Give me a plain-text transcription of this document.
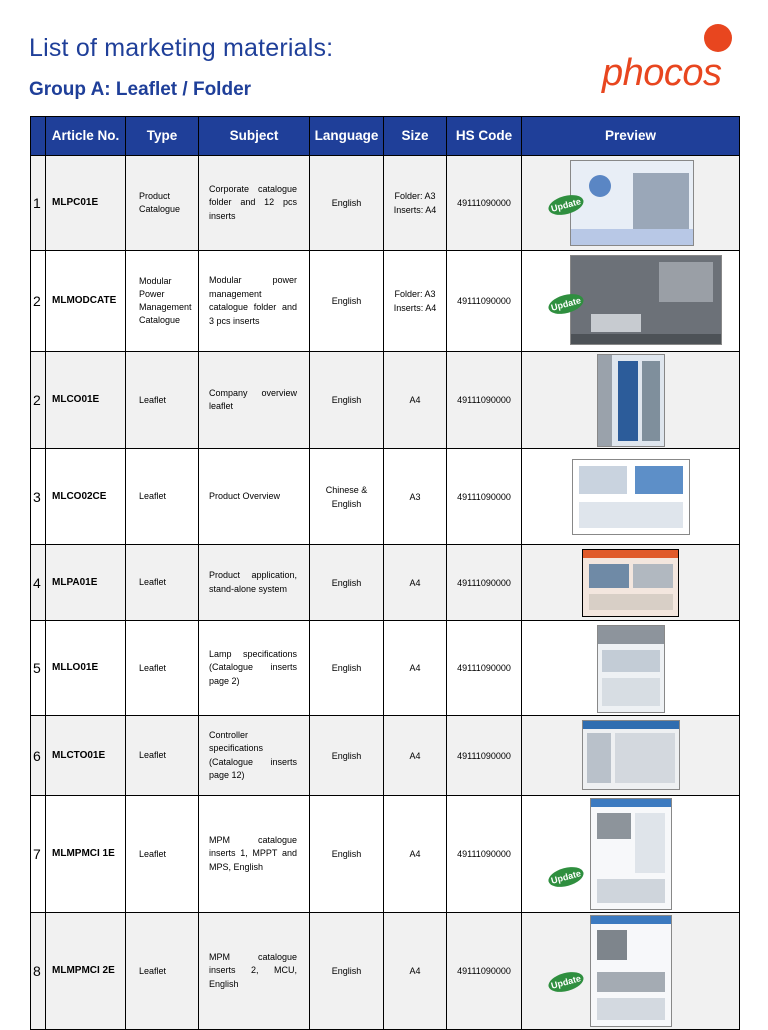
List of marketing materials:
Group A: Leaflet / Folder	phocos
	Article No.	Type	Subject	Language	Size	HS Code	Preview
1	MLPC01E	Product Catalogue	Corporate catalogue folder and 12 pcs inserts	English	Folder: A3 Inserts: A4	49111090000	Update

2	MLMODCATE	Modular Power Management Catalogue	Modular power management catalogue folder and 3 pcs inserts	English	Folder: A3 Inserts: A4	49111090000	Update

2	MLCO01E	Leaflet	Company overview leaflet	English	A4	49111090000	

3	MLCO02CE	Leaflet	Product Overview	Chinese & English	A3	49111090000	

4	MLPA01E	Leaflet	Product application, stand-alone system	English	A4	49111090000	

5	MLLO01E	Leaflet	Lamp specifications (Catalogue inserts page 2)	English	A4	49111090000	

6	MLCTO01E	Leaflet	Controller specifications (Catalogue inserts page 12)	English	A4	49111090000	

7	MLMPMCI 1E	Leaflet	MPM catalogue inserts 1, MPPT and MPS, English	English	A4	49111090000	Update

8	MLMPMCI 2E	Leaflet	MPM catalogue inserts 2, MCU, English	English	A4	49111090000	Update
